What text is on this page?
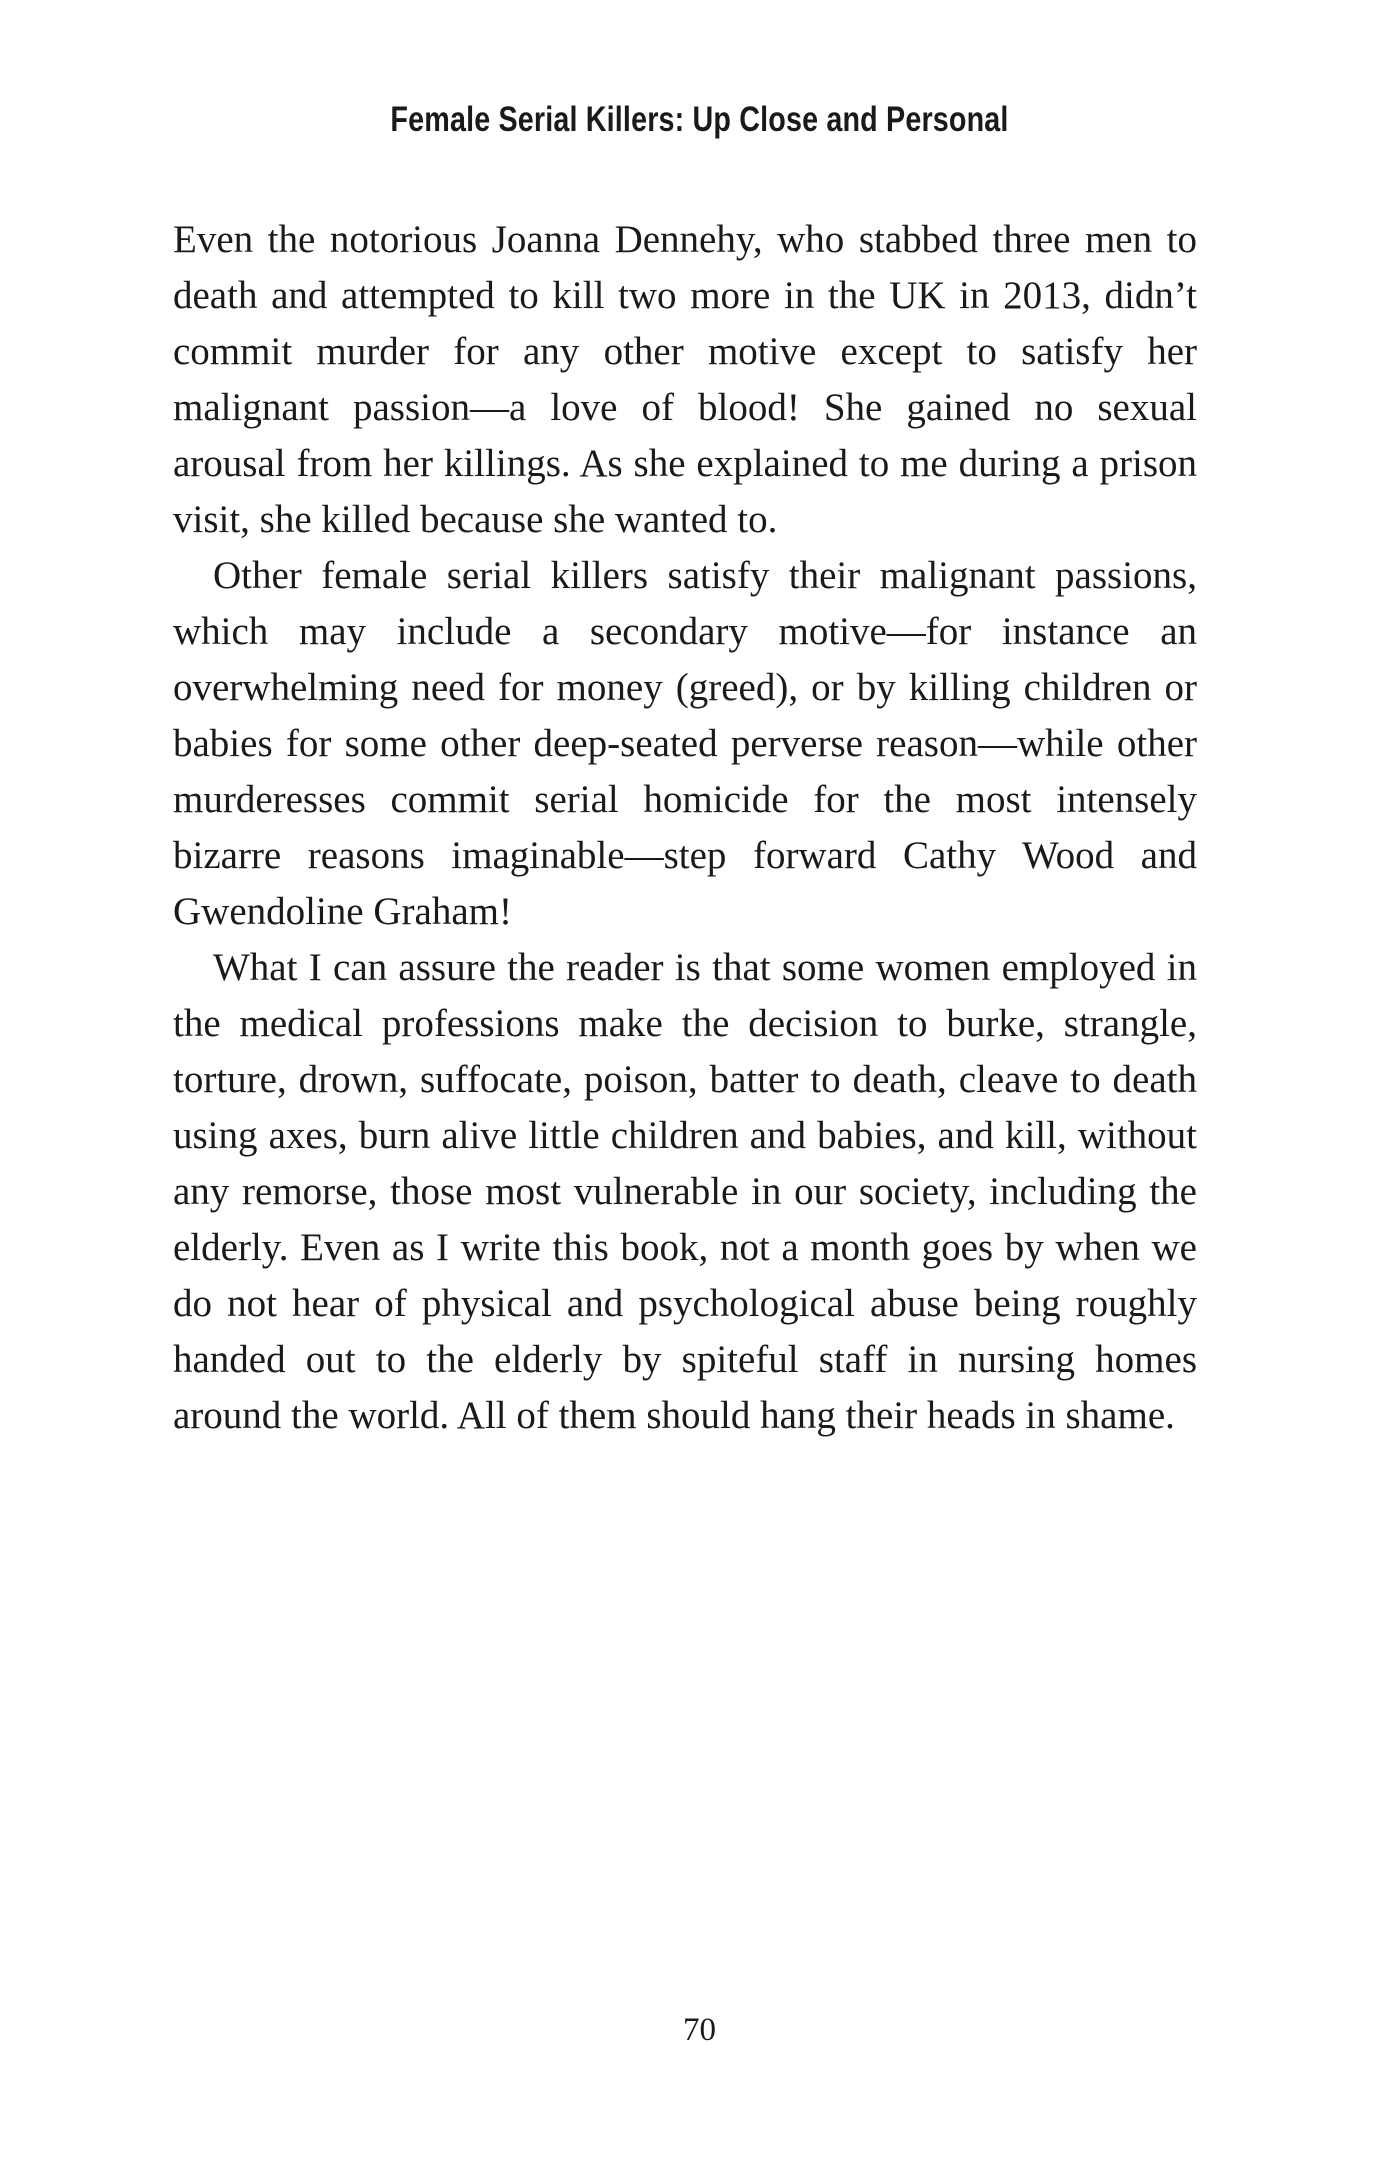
Female Serial Killers: Up Close and Personal

Even the notorious Joanna Dennehy, who stabbed three men to death and attempted to kill two more in the UK in 2013, didn’t commit murder for any other motive except to satisfy her malignant passion—a love of blood! She gained no sexual arousal from her killings. As she explained to me during a prison visit, she killed because she wanted to.

Other female serial killers satisfy their malignant passions, which may include a secondary motive—for instance an overwhelming need for money (greed), or by killing children or babies for some other deep-seated perverse reason—while other murderesses commit serial homicide for the most intensely bizarre reasons imaginable—step forward Cathy Wood and Gwendoline Graham!

What I can assure the reader is that some women employed in the medical professions make the decision to burke, strangle, torture, drown, suffocate, poison, batter to death, cleave to death using axes, burn alive little children and babies, and kill, without any remorse, those most vulnerable in our society, including the elderly. Even as I write this book, not a month goes by when we do not hear of physical and psychological abuse being roughly handed out to the elderly by spiteful staff in nursing homes around the world. All of them should hang their heads in shame.

70
